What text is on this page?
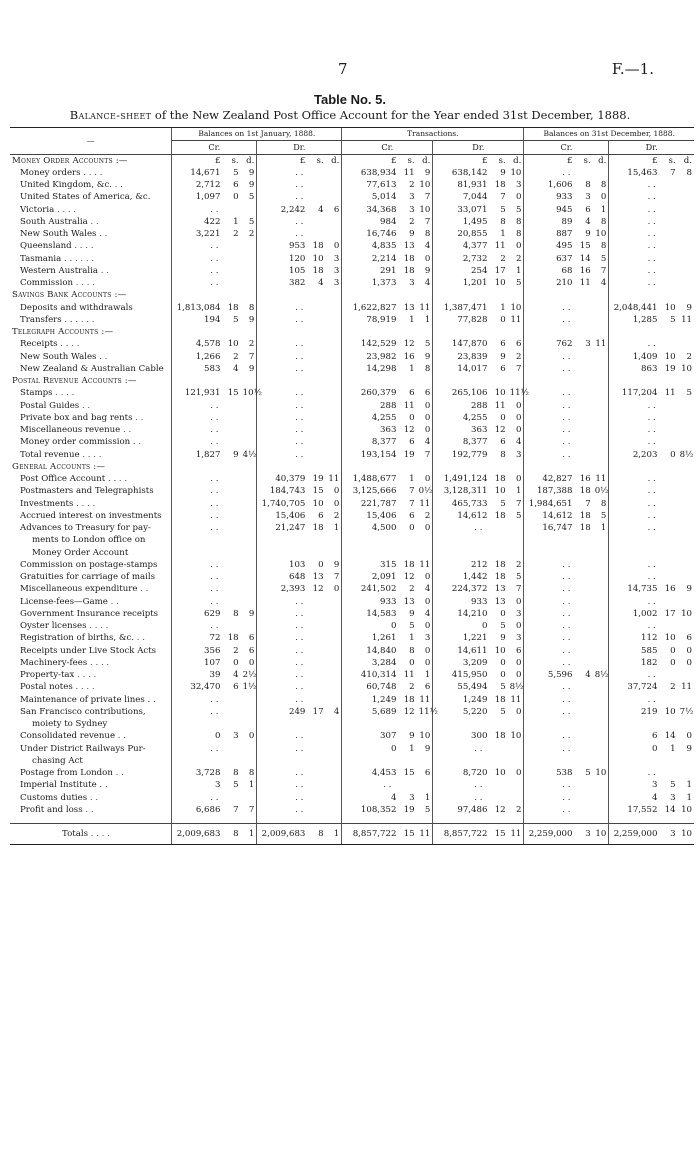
7	F.—1.
Table No. 5.
Balance-sheet of the New Zealand Post Office Account for the Year ended 31st December, 1888.
—	Balances on 1st January, 1888.						Transactions.						Balances on 31st December, 1888.					
	Cr.			Dr.			Cr.			Dr.			Cr.			Dr.		
Money Order Accounts :—	£	s.	d.	£	s.	d.	£	s.	d.	£	s.	d.	£	s.	d.	£	s.	d.
Money orders . . . .	14,671	5	9	. .			638,934	11	9	638,142	9	10	. .			15,463	7	8
United Kingdom, &c. . .	2,712	6	9	. .			77,613	2	10	81,931	18	3	1,606	8	8	. .		
United States of America, &c.	1,097	0	5	. .			5,014	3	7	7,044	7	0	933	3	0	. .		
Victoria . . . .	. .			2,242	4	6	34,368	3	10	33,071	5	5	945	6	1	. .		
South Australia . .	422	1	5	. .			984	2	7	1,495	8	8	89	4	8	. .		
New South Wales . .	3,221	2	2	. .			16,746	9	8	20,855	1	8	887	9	10	. .		
Queensland . . . .	. .			953	18	0	4,835	13	4	4,377	11	0	495	15	8	. .		
Tasmania . . . . . .	. .			120	10	3	2,214	18	0	2,732	2	2	637	14	5	. .		
Western Australia . .	. .			105	18	3	291	18	9	254	17	1	68	16	7	. .		
Commission . . . .	. .			382	4	3	1,373	3	4	1,201	10	5	210	11	4	. .		
Savings Bank Accounts :—																		
Deposits and withdrawals	1,813,084	18	8	. .			1,622,827	13	11	1,387,471	1	10	. .			2,048,441	10	9
Transfers . . . . . .	194	5	9	. .			78,919	1	1	77,828	0	11	. .			1,285	5	11
Telegraph Accounts :—																		
Receipts . . . .	4,578	10	2	. .			142,529	12	5	147,870	6	6	762	3	11	. .		
New South Wales . .	1,266	2	7	. .			23,982	16	9	23,839	9	2	. .			1,409	10	2
New Zealand & Australian Cable	583	4	9	. .			14,298	1	8	14,017	6	7	. .			863	19	10
Postal Revenue Accounts :—																		
Stamps . . . .	121,931	15	10½	. .			260,379	6	6	265,106	10	11½	. .			117,204	11	5
Postal Guides . .	. .			. .			288	11	0	288	11	0	. .			. .		
Private box and bag rents . .	. .			. .			4,255	0	0	4,255	0	0	. .			. .		
Miscellaneous revenue . .	. .			. .			363	12	0	363	12	0	. .			. .		
Money order commission . .	. .			. .			8,377	6	4	8,377	6	4	. .			. .		
Total revenue . . . .	1,827	9	4½	. .			193,154	19	7	192,779	8	3	. .			2,203	0	8½
General Accounts :—																		
Post Office Account . . . .	. .			40,379	19	11	1,488,677	1	0	1,491,124	18	0	42,827	16	11	. .		
Postmasters and Telegraphists	. .			184,743	15	0	3,125,666	7	0½	3,128,311	10	1	187,388	18	0½	. .		
Investments . . . .	. .			1,740,705	10	0	221,787	7	11	465,733	5	7	1,984,651	7	8	. .		
Accrued interest on investments	. .			15,406	6	2	15,406	6	2	14,612	18	5	14,612	18	5	. .		
Advances to Treasury for pay-	. .			21,247	18	1	4,500	0	0	. .			16,747	18	1	. .		
ments to London office on																		
Money Order Account																		
Commission on postage-stamps	. .			103	0	9	315	18	11	212	18	2	. .			. .		
Gratuities for carriage of mails	. .			648	13	7	2,091	12	0	1,442	18	5	. .			. .		
Miscellaneous expenditure . .	. .			2,393	12	0	241,502	2	4	224,372	13	7	. .			14,735	16	9
License-fees—Game . .	. .			. .			933	13	0	933	13	0	. .			. .		
Government Insurance receipts	629	8	9	. .			14,583	9	4	14,210	0	3	. .			1,002	17	10
Oyster licenses . . . .	. .			. .			0	5	0	0	5	0	. .			. .		
Registration of births, &c. . .	72	18	6	. .			1,261	1	3	1,221	9	3	. .			112	10	6
Receipts under Live Stock Acts	356	2	6	. .			14,840	8	0	14,611	10	6	. .			585	0	0
Machinery-fees . . . .	107	0	0	. .			3,284	0	0	3,209	0	0	. .			182	0	0
Property-tax . . . .	39	4	2½	. .			410,314	11	1	415,950	0	0	5,596	4	8½	. .		
Postal notes . . . .	32,470	6	1½	. .			60,748	2	6	55,494	5	8½	. .			37,724	2	11
Maintenance of private lines . .	. .			. .			1,249	18	11	1,249	18	11	. .			. .		
San Francisco contributions,	. .			249	17	4	5,689	12	11½	5,220	5	0	. .			219	10	7½
moiety to Sydney																		
Consolidated revenue . .	0	3	0	. .			307	9	10	300	18	10	. .			6	14	0
Under District Railways Pur-	. .			. .			0	1	9	. .			. .			0	1	9
chasing Act																		
Postage from London . .	3,728	8	8	. .			4,453	15	6	8,720	10	0	538	5	10	. .		
Imperial Institute . .	3	5	1	. .			. .			. .			. .			3	5	1
Customs duties . .	. .			. .			4	3	1	. .			. .			4	3	1
Profit and loss . .	6,686	7	7	. .			108,352	19	5	97,486	12	2	. .			17,552	14	10

Totals . . . .	2,009,683	8	1	2,009,683	8	1	8,857,722	15	11	8,857,722	15	11	2,259,000	3	10	2,259,000	3	10
